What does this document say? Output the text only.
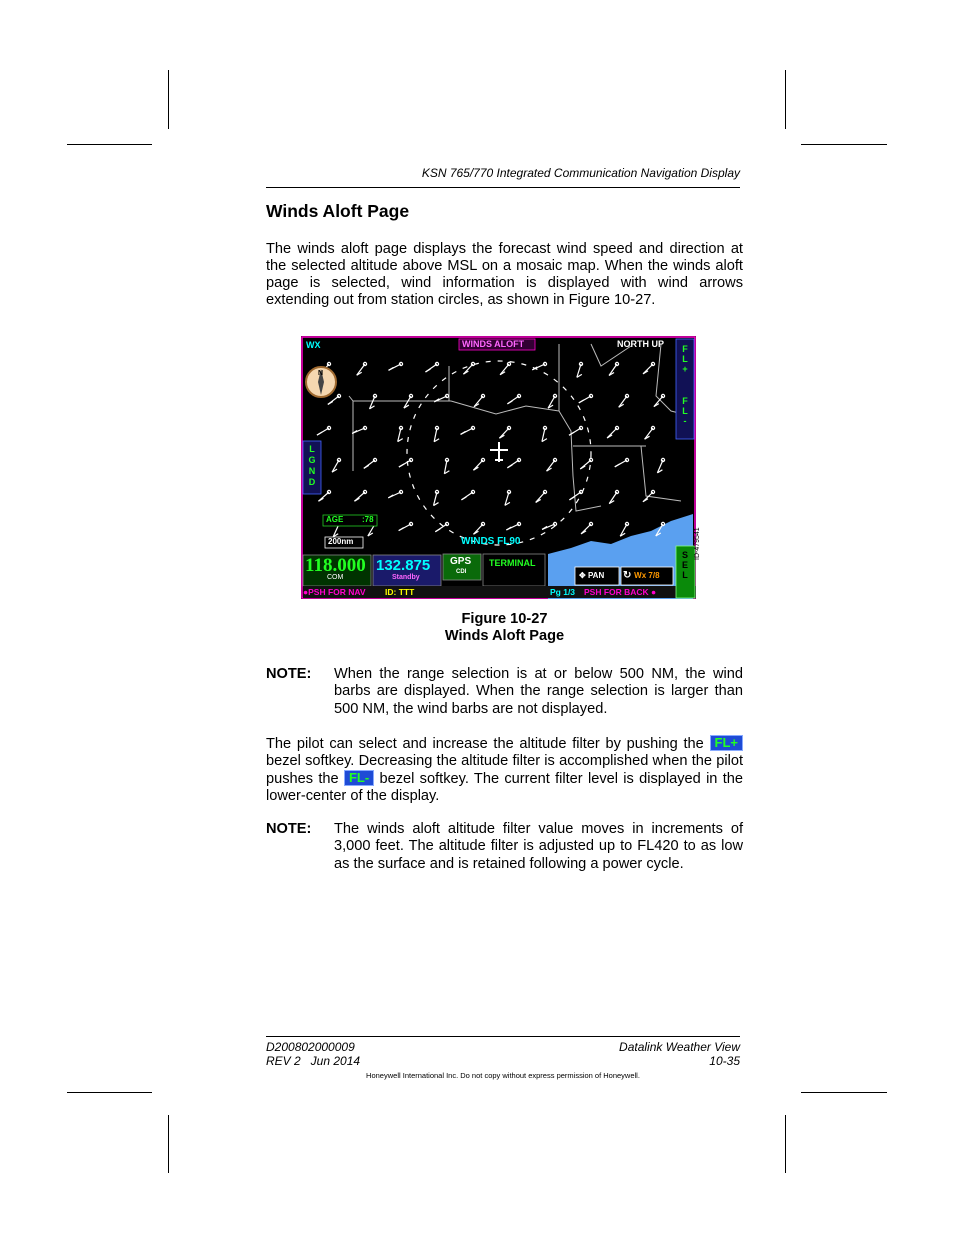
KSN 765/770 Integrated Communication Navigation Display
Winds Aloft Page
The winds aloft page displays the forecast wind speed and direction at the selected altitude above MSL on a mosaic map. When the winds aloft page is selected, wind information is displayed with wind arrows extending out from station circles, as shown in Figure 10-27.
WX	WINDS ALOFT	NORTH UP
N
F
L
+
F
L
-
L
G
N
D
S
E
L
AGE :78
200nm	WINDS FL90
118.000
COM
132.875
Standby
GPS
CDI
TERMINAL
✥ PAN ↻ Wx 7/8
●PSH FOR NAV ID: TTT	Pg 1/3 PSH FOR BACK ●
ID-479541
Figure 10-27
Winds Aloft Page
NOTE: When the range selection is at or below 500 NM, the wind barbs are displayed. When the range selection is larger than 500 NM, the wind barbs are not displayed.
The pilot can select and increase the altitude filter by pushing the FL+ bezel softkey. Decreasing the altitude filter is accomplished when the pilot pushes the FL- bezel softkey. The current filter level is displayed in the lower-center of the display.
NOTE: The winds aloft altitude filter value moves in increments of 3,000 feet. The altitude filter is adjusted up to FL420 to as low as the surface and is retained following a power cycle.
D200802000009
REV 2   Jun 2014
Datalink Weather View
10-35
Honeywell International Inc. Do not copy without express permission of Honeywell.
